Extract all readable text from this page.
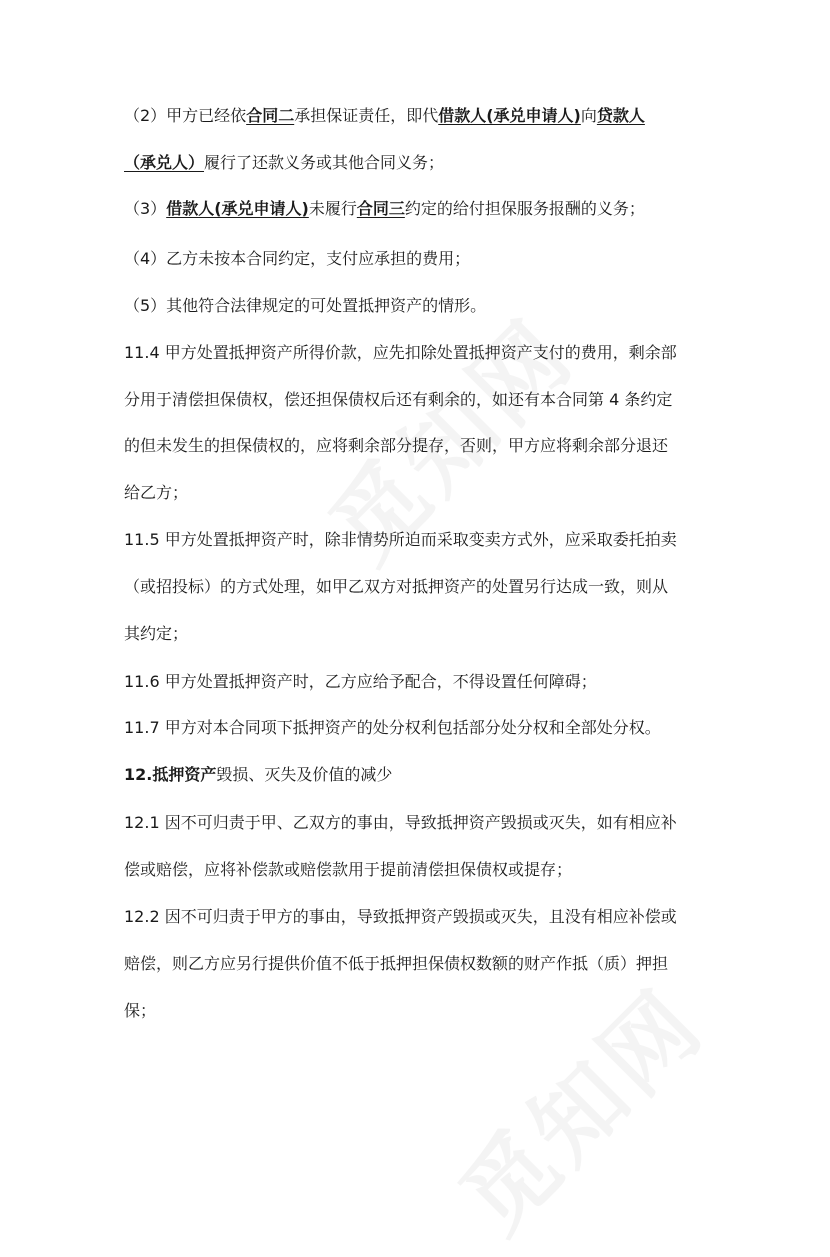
（2）甲方已经依合同二承担保证责任，即代借款人(承兑申请人)向贷款人
（承兑人）履行了还款义务或其他合同义务；
（3）借款人(承兑申请人)未履行合同三约定的给付担保服务报酬的义务；
（4）乙方未按本合同约定，支付应承担的费用；
（5）其他符合法律规定的可处置抵押资产的情形。
11.4 甲方处置抵押资产所得价款，应先扣除处置抵押资产支付的费用，剩余部
分用于清偿担保债权，偿还担保债权后还有剩余的，如还有本合同第 4 条约定
的但未发生的担保债权的，应将剩余部分提存，否则，甲方应将剩余部分退还
给乙方；
11.5 甲方处置抵押资产时，除非情势所迫而采取变卖方式外，应采取委托拍卖
（或招投标）的方式处理，如甲乙双方对抵押资产的处置另行达成一致，则从
其约定；
11.6 甲方处置抵押资产时，乙方应给予配合，不得设置任何障碍；
11.7 甲方对本合同项下抵押资产的处分权利包括部分处分权和全部处分权。
12.抵押资产毁损、灭失及价值的减少
12.1 因不可归责于甲、乙双方的事由，导致抵押资产毁损或灭失，如有相应补
偿或赔偿，应将补偿款或赔偿款用于提前清偿担保债权或提存；
12.2 因不可归责于甲方的事由，导致抵押资产毁损或灭失，且没有相应补偿或
赔偿，则乙方应另行提供价值不低于抵押担保债权数额的财产作抵（质）押担
保；
